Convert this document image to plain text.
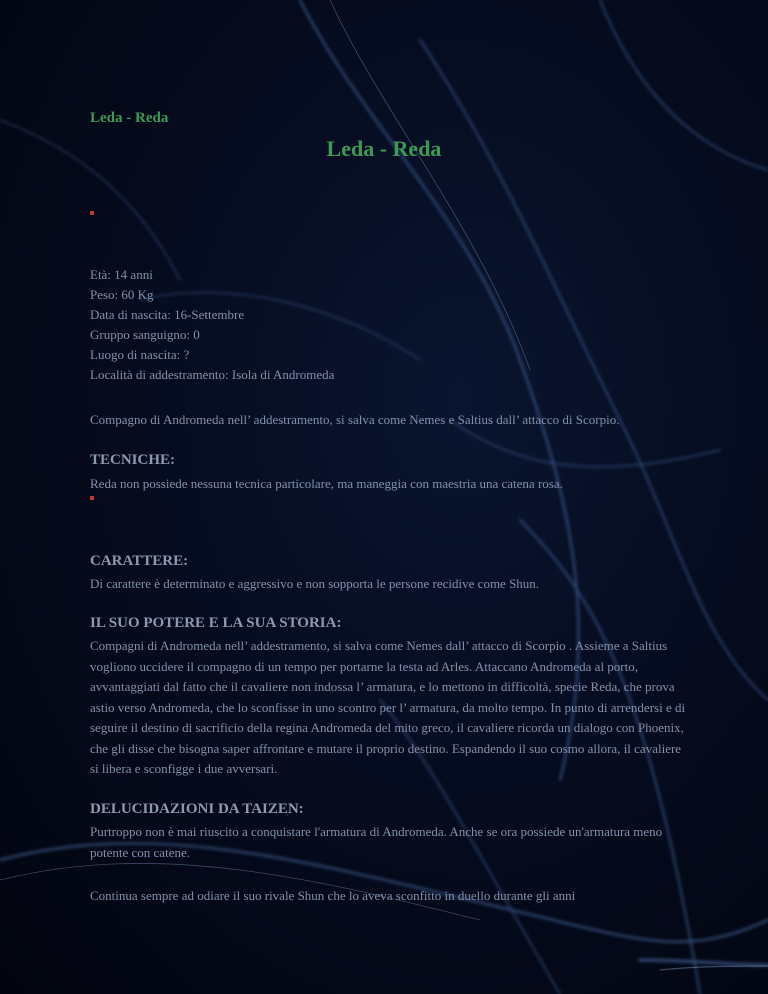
Leda - Reda
Leda - Reda
Età: 14 anni
Peso: 60 Kg
Data di nascita: 16-Settembre
Gruppo sanguigno: 0
Luogo di nascita: ?
Località di addestramento: Isola di Andromeda

Compagno di Andromeda nell’ addestramento, si salva come Nemes e Saltius dall’ attacco di Scorpio.

TECNICHE:

Reda non possiede nessuna tecnica particolare, ma maneggia con maestria una catena rosa.

CARATTERE:

Di carattere è determinato e aggressivo e non sopporta le persone recidive come Shun.

IL SUO POTERE E LA SUA STORIA:

Compagni di Andromeda nell’ addestramento, si salva come Nemes dall’ attacco di Scorpio . Assieme a Saltius vogliono uccidere il compagno di un tempo per portarne la testa ad Arles. Attaccano Andromeda al porto, avvantaggiati dal fatto che il cavaliere non indossa l’ armatura, e lo mettono in difficoltà, specie Reda, che prova astio verso Andromeda, che lo sconfisse in uno scontro per l’ armatura, da molto tempo. In punto di arrendersi e di seguire il destino di sacrificio della regina Andromeda del mito greco, il cavaliere ricorda un dialogo con Phoenix, che gli disse che bisogna saper affrontare e mutare il proprio destino. Espandendo il suo cosmo allora, il cavaliere si libera e sconfigge i due avversari.

DELUCIDAZIONI DA TAIZEN:

Purtroppo non è mai riuscito a conquistare l'armatura di Andromeda. Anche se ora possiede un'armatura meno potente con catene.

Continua sempre ad odiare il suo rivale Shun che lo aveva sconfitto in duello durante gli anni
